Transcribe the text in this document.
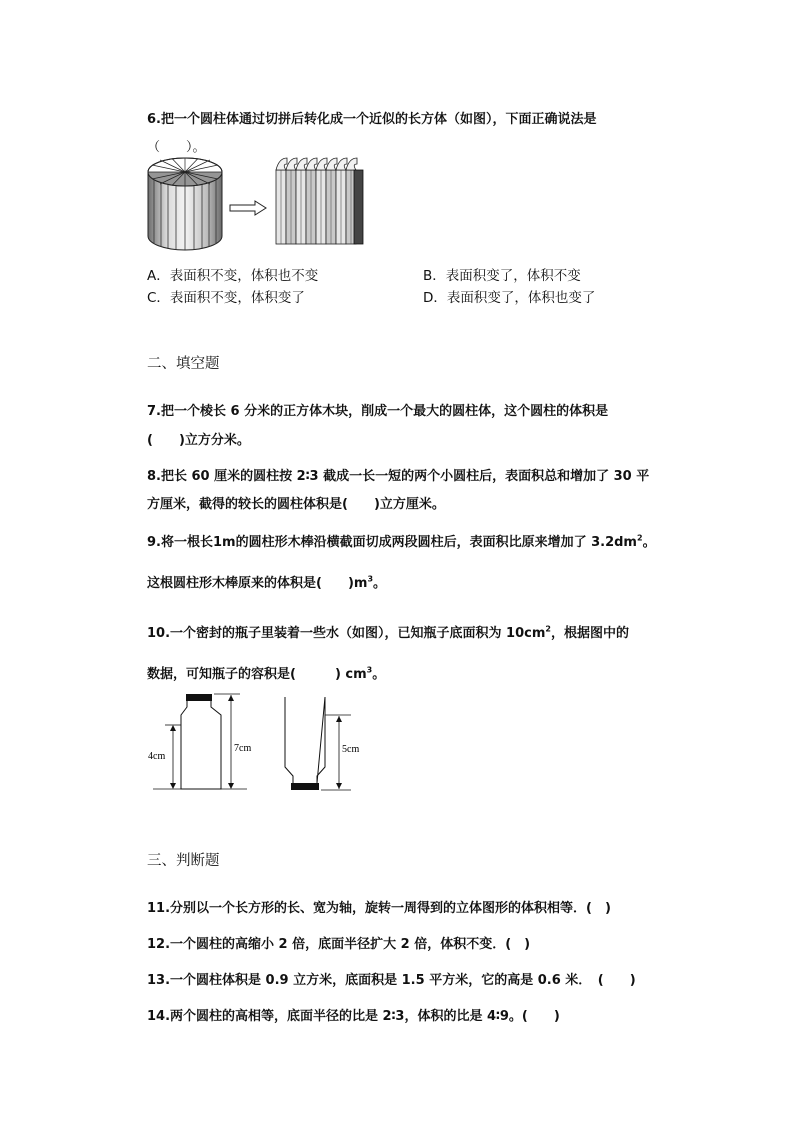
6.把一个圆柱体通过切拼后转化成一个近似的长方体（如图），下面正确说法是
（　　）。
A．表面积不变，体积也不变	B．表面积变了，体积不变
C．表面积不变，体积变了	D．表面积变了，体积也变了
二、填空题
7.把一个棱长 6 分米的正方体木块，削成一个最大的圆柱体，这个圆柱的体积是
(　　)立方分米。
8.把长 60 厘米的圆柱按 2∶3 截成一长一短的两个小圆柱后，表面积总和增加了 30 平
方厘米，截得的较长的圆柱体积是(　　)立方厘米。
9.将一根长1m的圆柱形木棒沿横截面切成两段圆柱后，表面积比原来增加了 $3.2dm^2$。
这根圆柱形木棒原来的体积是(　　)$m^3$。
10.一个密封的瓶子里装着一些水（如图），已知瓶子底面积为 $10cm^2$，根据图中的
数据，可知瓶子的容积是(　　　) $cm^3$。
4cm
7cm	5cm
三、判断题
11.分别以一个长方形的长、宽为轴，旋转一周得到的立体图形的体积相等．(　)
12.一个圆柱的高缩小 2 倍，底面半径扩大 2 倍，体积不变．(　)
13.一个圆柱体积是 0.9 立方米，底面积是 1.5 平方米，它的高是 0.6 米．　(　　)
14.两个圆柱的高相等，底面半径的比是 2∶3，体积的比是 4∶9。(　　)
